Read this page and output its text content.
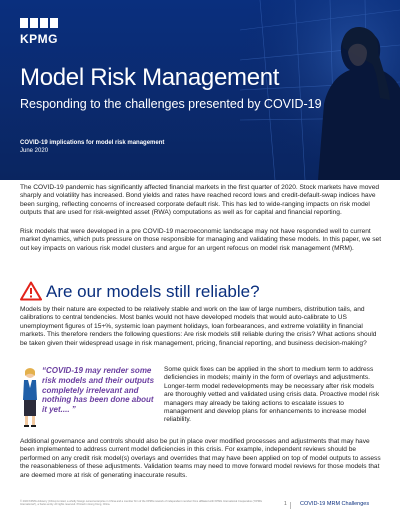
KPMG
Model Risk Management
Responding to the challenges presented by COVID-19
COVID-19 implications for model risk management
June 2020

The COVID-19 pandemic has significantly affected financial markets in the first quarter of 2020. Stock markets have moved sharply and volatility has increased. Bond yields and rates have reached record lows and credit-default-swap indices have been surging, reflecting concerns of increased corporate default risk. This has led to wide-ranging impacts on risk model outputs that are used for risk-weighted asset (RWA) computations as well as for capital and financial reporting.

Risk models that were developed in a pre COVID-19 macroeconomic landscape may not have responded well to current market dynamics, which puts pressure on those responsible for managing and validating these models. In this paper, we set out key impacts on various risk model clusters and argue for an urgent refocus on model risk management (MRM).

Are our models still reliable?

Models by their nature are expected to be relatively stable and work on the law of large numbers, distribution tails, and calibrations to central tendencies. Most banks would not have developed models that would auto-calibrate to US unemployment figures of 15+%, systemic loan payment holidays, loan forbearances, and extreme volatility in financial markets. This therefore renders the following questions: Are risk models still reliable during the crisis? What actions should be taken given their widespread usage in risk management, pricing, financial reporting, and business decision-making?

“COVID-19 may render some risk models and their outputs completely irrelevant and nothing has been done about it yet.... ”

Some quick fixes can be applied in the short to medium term to address deficiencies in models; mainly in the form of overlays and adjustments. Longer-term model redevelopments may be necessary after risk models are thoroughly vetted and validated using crisis data. Proactive model risk managers may already be taking actions to escalate issues to management and develop plans for enhancements to increase model reliability.

Additional governance and controls should also be put in place over modified processes and adjustments that may have been implemented to address current model deficiencies in this crisis. For example, independent reviews should be performed on any credit risk model(s) overlays and overrides that may have been applied on top of model outputs to assess the reasonableness of these adjustments. Validation teams may need to move forward model reviews for those models that are deemed more at risk of generating inaccurate results.

© 2020 KPMG Advisory (China) Limited, a wholly foreign owned enterprise in China and a member firm of the KPMG network of independent member firms affiliated with KPMG International Cooperative (“KPMG International”), a Swiss entity. All rights reserved. Printed in Hong Kong, China.	1 COVID-19 MRM Challenges
